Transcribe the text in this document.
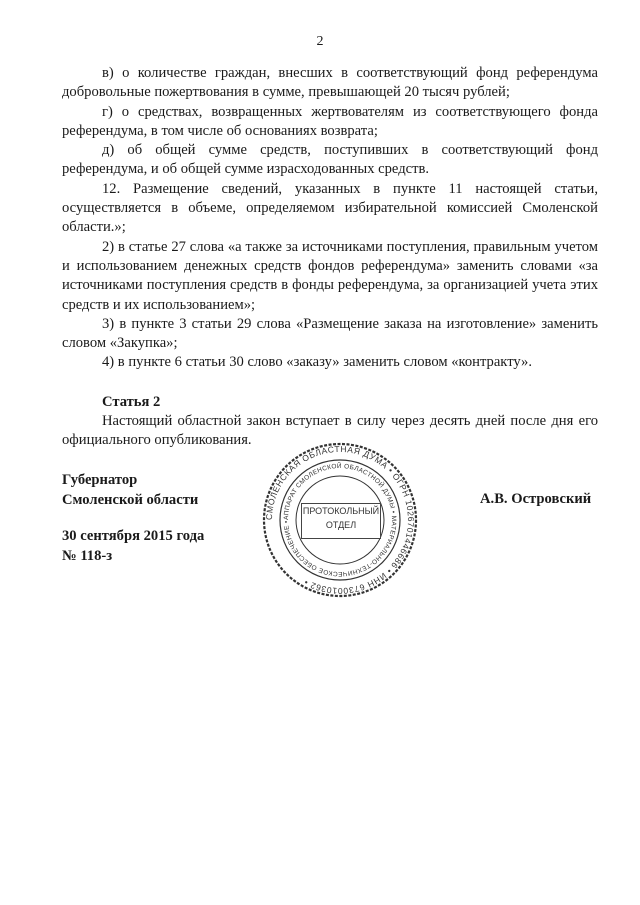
2

в) о количестве граждан, внесших в соответствующий фонд референдума добровольные пожертвования в сумме, превышающей 20 тысяч рублей;

г) о средствах, возвращенных жертвователям из соответствующего фонда референдума, в том числе об основаниях возврата;

д) об общей сумме средств, поступивших в соответствующий фонд референдума, и об общей сумме израсходованных средств.

12. Размещение сведений, указанных в пункте 11 настоящей статьи, осуществляется в объеме, определяемом избирательной комиссией Смоленской области.»;

2) в статье 27 слова «а также за источниками поступления, правильным учетом и использованием денежных средств фондов референдума» заменить словами «за источниками поступления средств в фонды референдума, за организацией учета этих средств и их использованием»;

3) в пункте 3 статьи 29 слова «Размещение заказа на изготовление» заменить словом «Закупка»;

4) в пункте 6 статьи 30 слово «заказу» заменить словом «контракту».

Статья 2

Настоящий областной закон вступает в силу через десять дней после дня его официального опубликования.

Губернатор
Смоленской области
30 сентября 2015 года
№ 118-з
А.В. Островский
СМОЛЕНСКАЯ ОБЛАСТНАЯ ДУМА • ОГРН 1026701446686 • ИНН 6730010362 •
АППАРАТ СМОЛЕНСКОЙ ОБЛАСТНОЙ ДУМЫ • МАТЕРИАЛЬНО-ТЕХНИЧЕСКОЕ ОБЕСПЕЧЕНИЕ •
ПРОТОКОЛЬНЫЙ
ОТДЕЛ
